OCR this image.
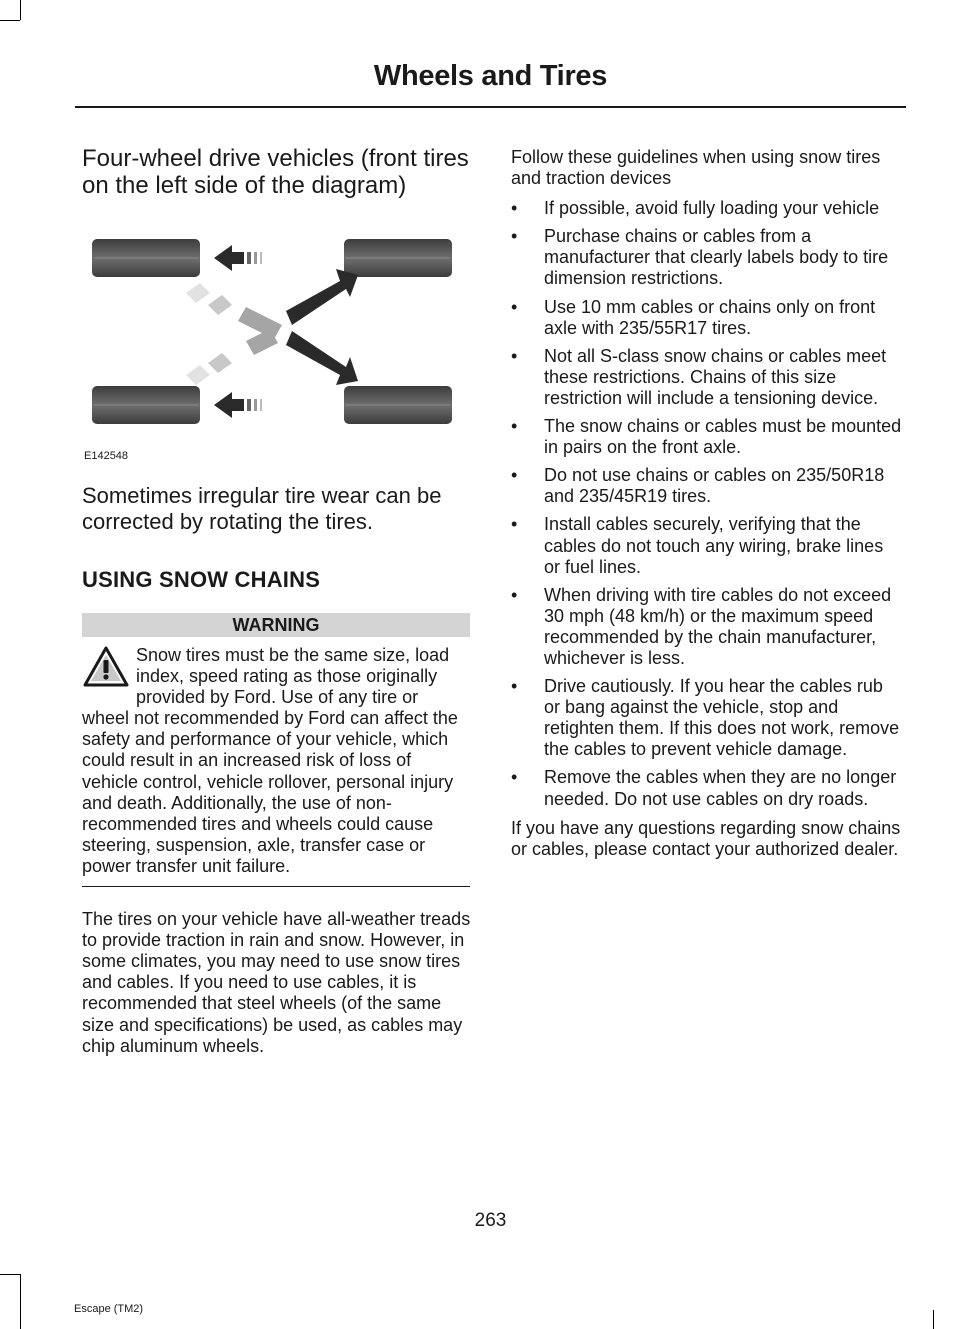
Wheels and Tires

Four-wheel drive vehicles (front tires on the left side of the diagram)

E142548

Sometimes irregular tire wear can be corrected by rotating the tires.

USING SNOW CHAINS
WARNING
Snow tires must be the same size, load index, speed rating as those originally provided by Ford. Use of any tire or wheel not recommended by Ford can affect the safety and performance of your vehicle, which could result in an increased risk of loss of vehicle control, vehicle rollover, personal injury and death. Additionally, the use of non-recommended tires and wheels could cause steering, suspension, axle, transfer case or power transfer unit failure.

The tires on your vehicle have all-weather treads to provide traction in rain and snow. However, in some climates, you may need to use snow tires and cables. If you need to use cables, it is recommended that steel wheels (of the same size and specifications) be used, as cables may chip aluminum wheels.

Follow these guidelines when using snow tires and traction devices

• If possible, avoid fully loading your vehicle
• Purchase chains or cables from a manufacturer that clearly labels body to tire dimension restrictions.
• Use 10 mm cables or chains only on front axle with 235/55R17 tires.
• Not all S-class snow chains or cables meet these restrictions. Chains of this size restriction will include a tensioning device.
• The snow chains or cables must be mounted in pairs on the front axle.
• Do not use chains or cables on 235/50R18 and 235/45R19 tires.
• Install cables securely, verifying that the cables do not touch any wiring, brake lines or fuel lines.
• When driving with tire cables do not exceed 30 mph (48 km/h) or the maximum speed recommended by the chain manufacturer, whichever is less.
• Drive cautiously. If you hear the cables rub or bang against the vehicle, stop and retighten them. If this does not work, remove the cables to prevent vehicle damage.
• Remove the cables when they are no longer needed. Do not use cables on dry roads.

If you have any questions regarding snow chains or cables, please contact your authorized dealer.

263
Escape (TM2)
